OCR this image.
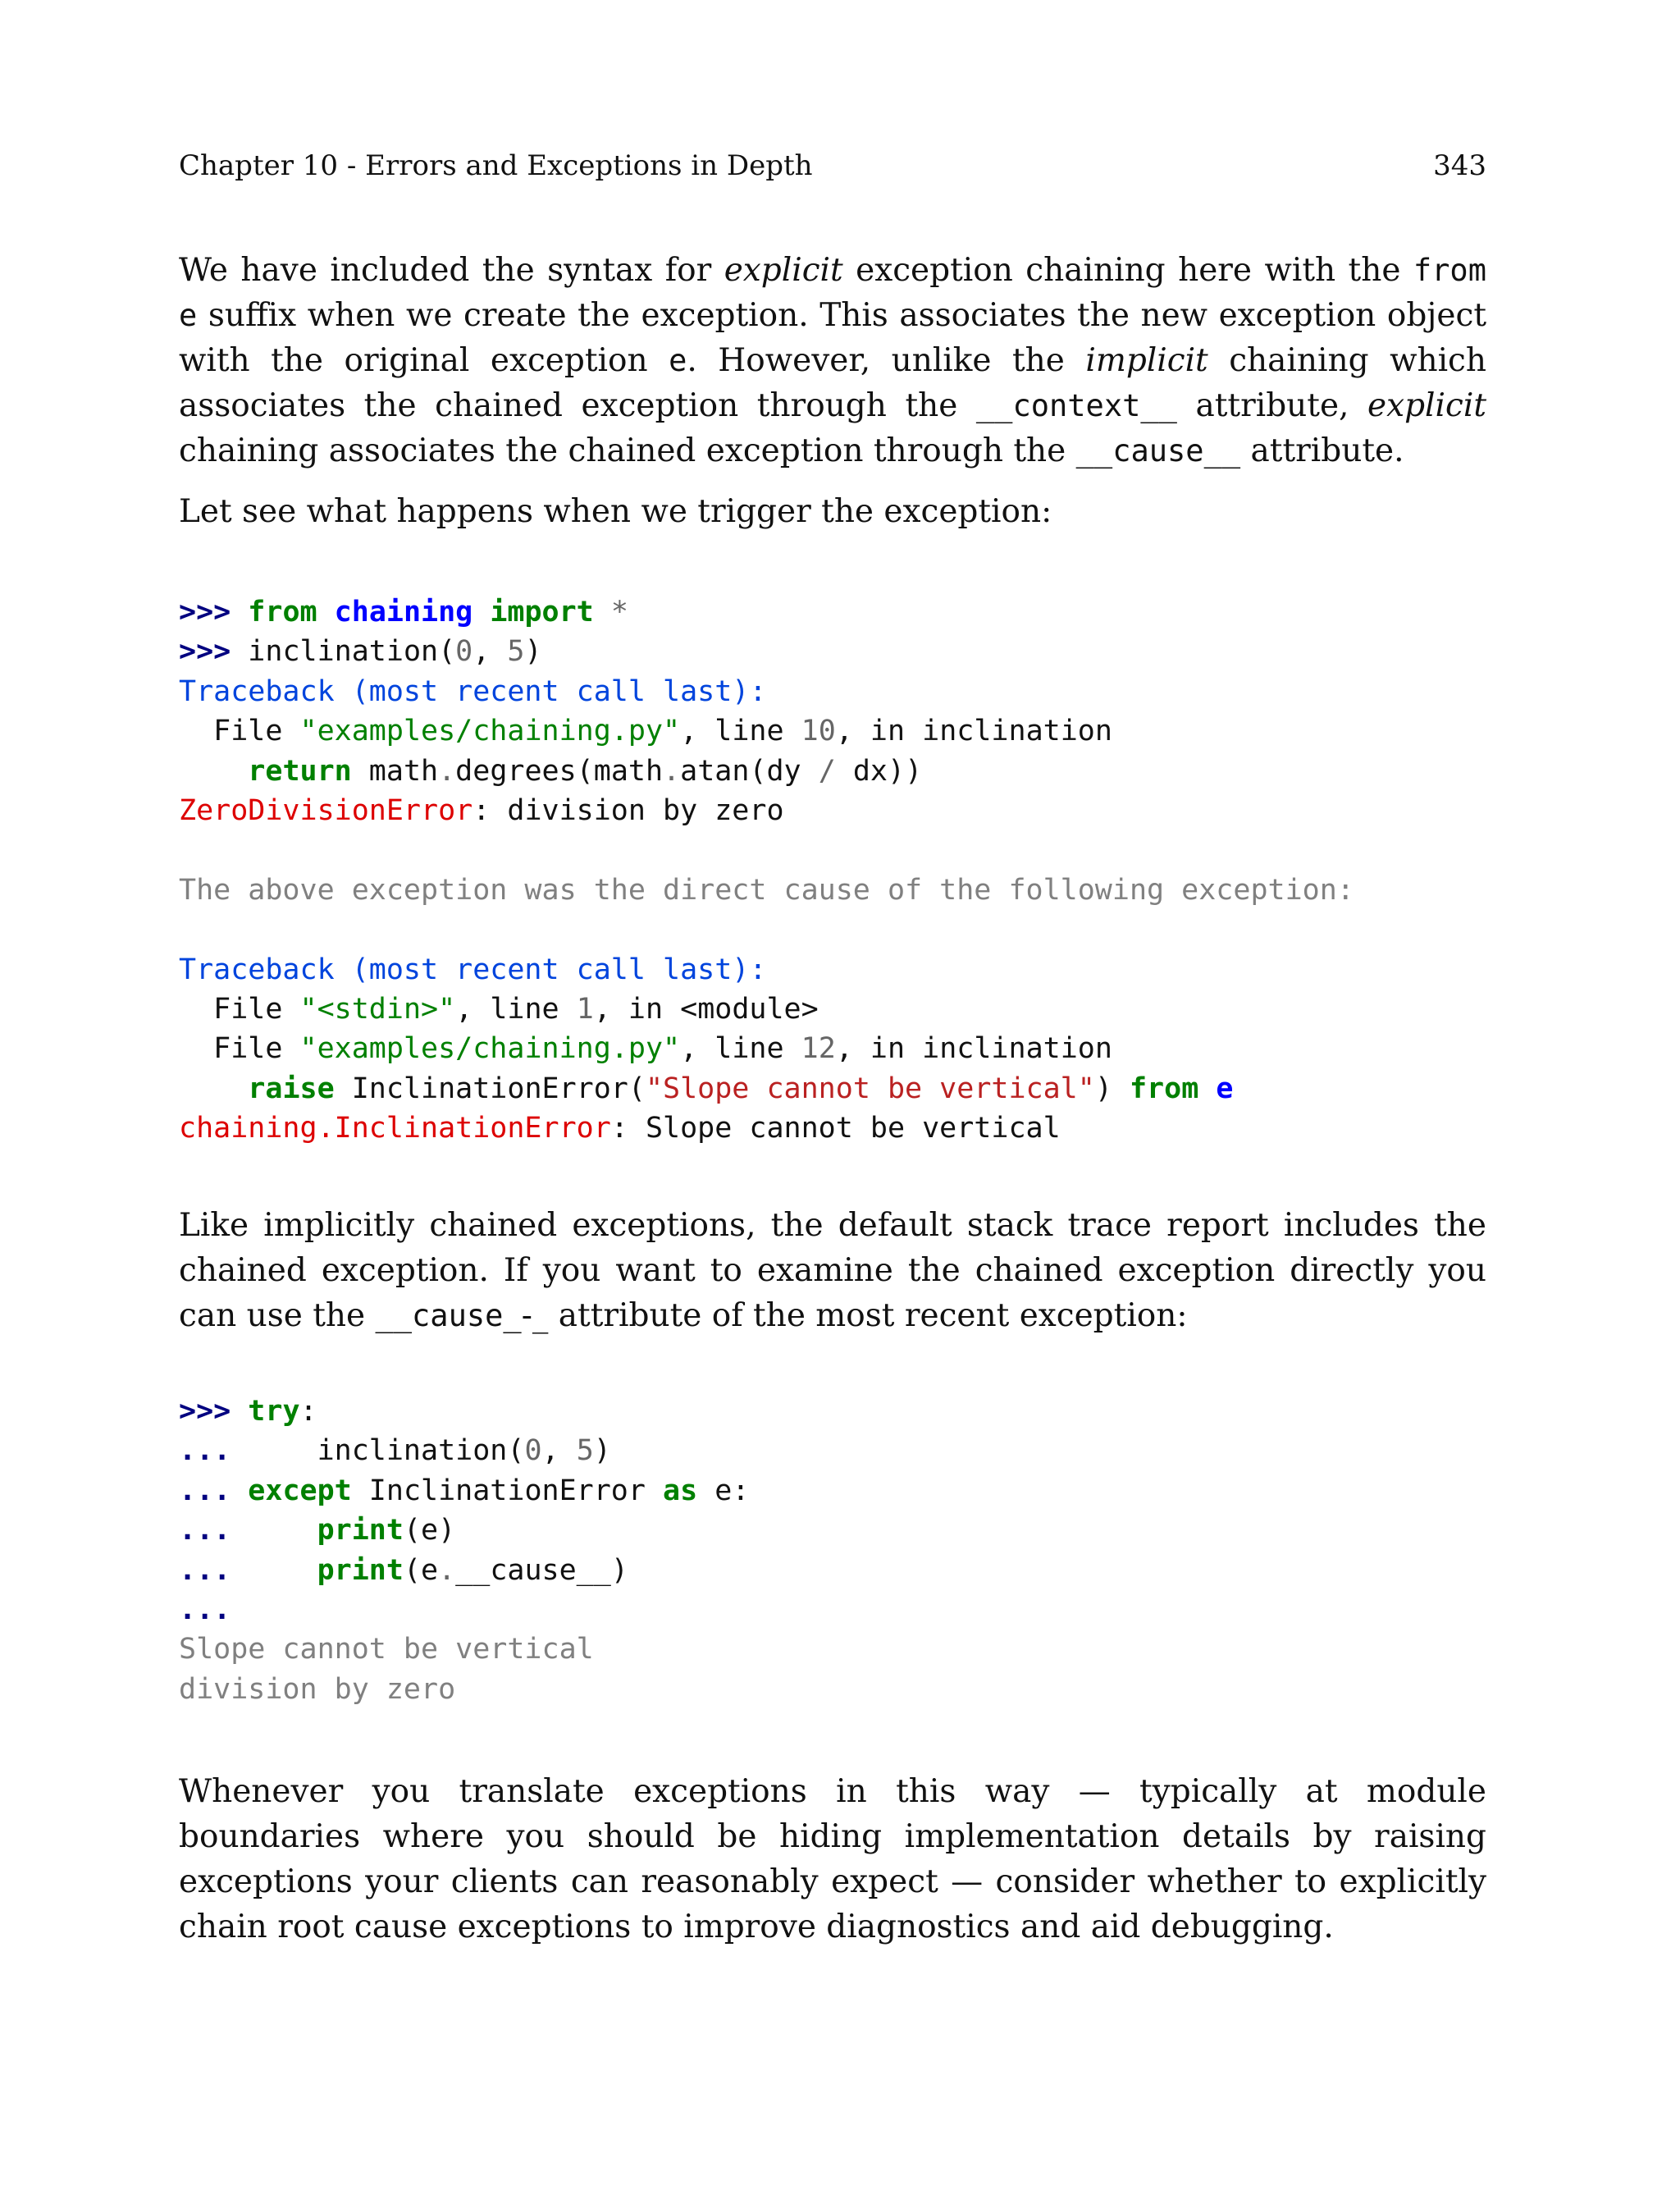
Chapter 10 - Errors and Exceptions in Depth	343

We have included the syntax for explicit exception chaining here with the from e suffix when we create the exception. This associates the new exception object with the original exception e. However, unlike the implicit chaining which associates the chained exception through the __context__ attribute, explicit chaining associates the chained exception through the __cause__ attribute.

Let see what happens when we trigger the exception:

>>> from chaining import *
>>> inclination(0, 5)
Traceback (most recent call last):
File "examples/chaining.py", line 10, in inclination
return math.degrees(math.atan(dy / dx))
ZeroDivisionError: division by zero
The above exception was the direct cause of the following exception:
Traceback (most recent call last):
File "<stdin>", line 1, in <module>
File "examples/chaining.py", line 12, in inclination
raise InclinationError("Slope cannot be vertical") from e
chaining.InclinationError: Slope cannot be vertical

Like implicitly chained exceptions, the default stack trace report includes the chained exception. If you want to examine the chained exception directly you can use the __cause_-_ attribute of the most recent exception:

>>> try:
...     inclination(0, 5)
... except InclinationError as e:
...     print(e)
...     print(e.__cause__)
...
Slope cannot be vertical
division by zero

Whenever you translate exceptions in this way — typically at module boundaries where you should be hiding implementation details by raising exceptions your clients can reasonably expect — consider whether to explicitly chain root cause exceptions to improve diagnostics and aid debugging.
